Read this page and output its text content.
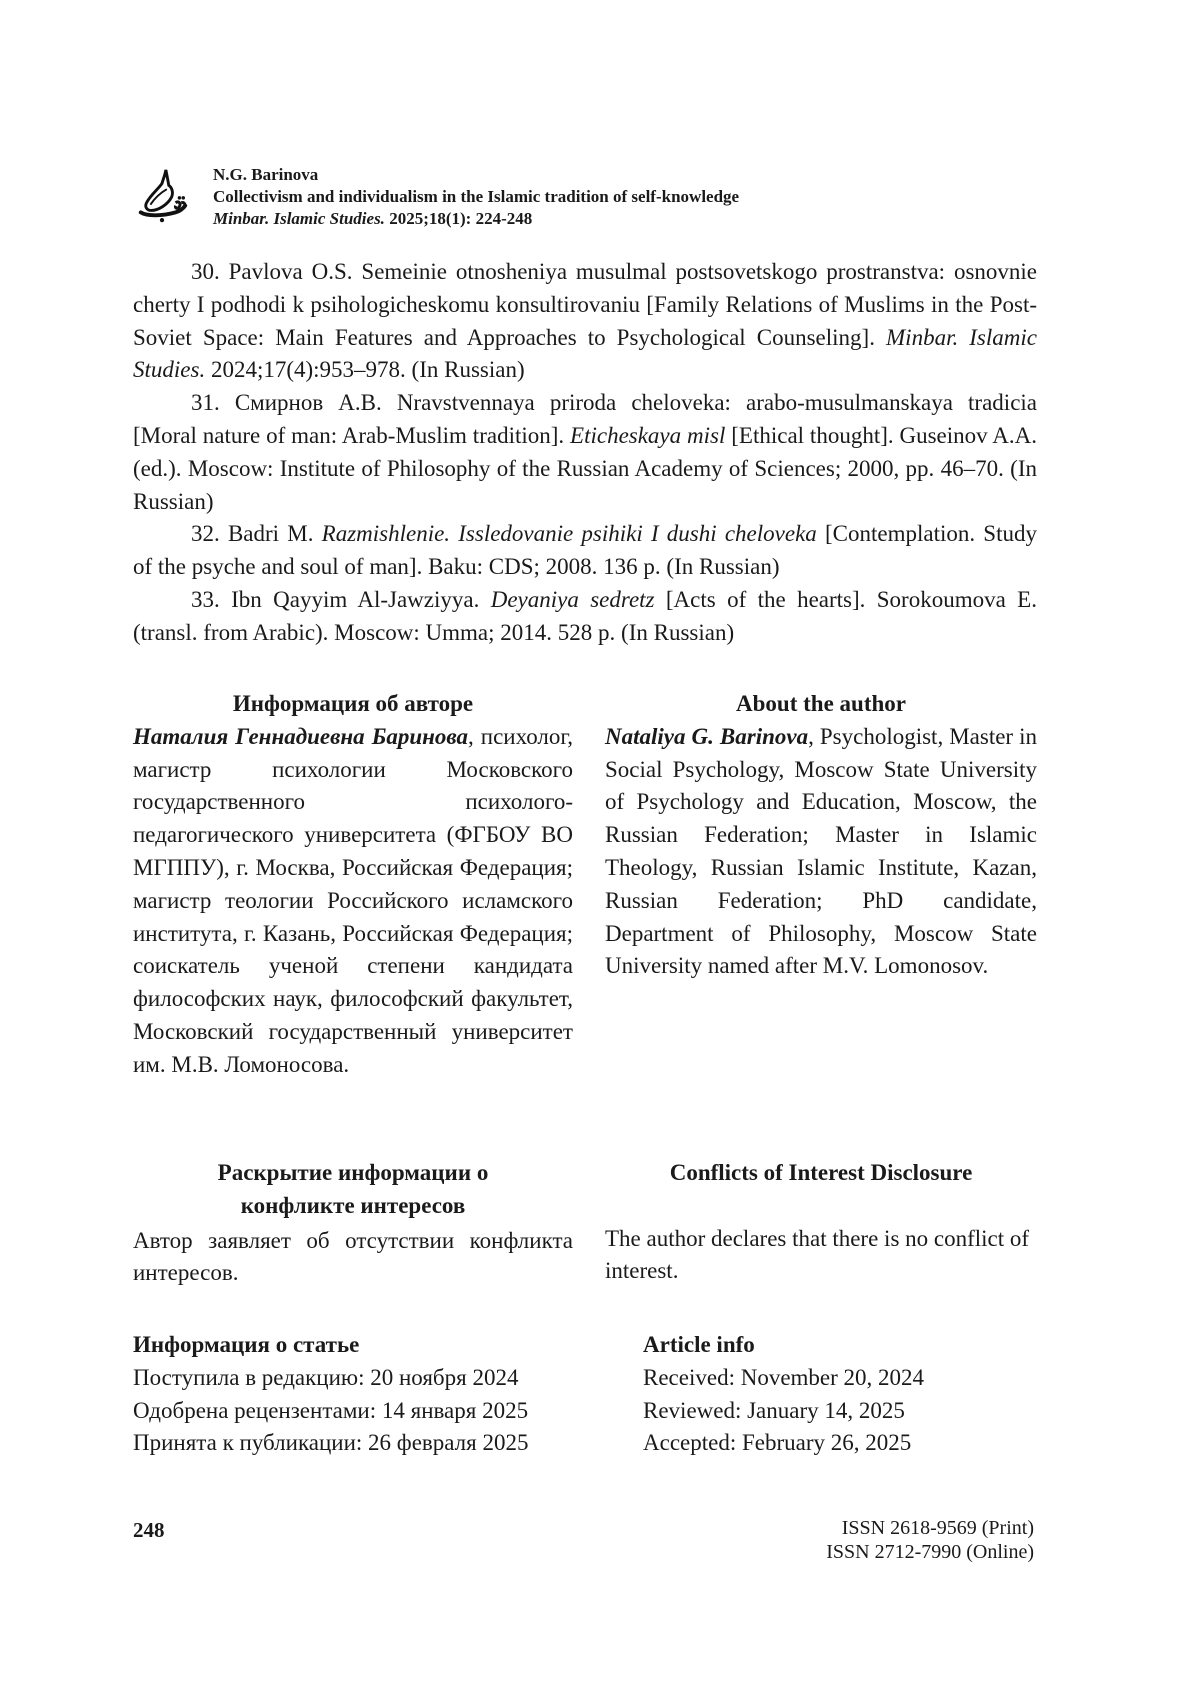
N.G. Barinova
Collectivism and individualism in the Islamic tradition of self-knowledge
Minbar. Islamic Studies. 2025;18(1): 224-248

30. Pavlova O.S. Semeinie otnosheniya musulmal postsovetskogo prostranstva: osnovnie cherty I podhodi k psihologicheskomu konsultirovaniu [Family Relations of Muslims in the Post-Soviet Space: Main Features and Approaches to Psychological Counseling]. Minbar. Islamic Studies. 2024;17(4):953–978. (In Russian)

31. Смирнов А.В. Nravstvennaya priroda cheloveka: arabo-musulmanskaya tradicia [Moral nature of man: Arab-Muslim tradition]. Eticheskaya misl [Ethical thought]. Guseinov A.A. (ed.). Moscow: Institute of Philosophy of the Russian Academy of Sciences; 2000, pp. 46–70. (In Russian)

32. Badri M. Razmishlenie. Issledovanie psihiki I dushi cheloveka [Contemplation. Study of the psyche and soul of man]. Baku: CDS; 2008. 136 p. (In Russian)

33. Ibn Qayyim Al-Jawziyya. Deyaniya sedretz [Acts of the hearts]. Sorokoumova E. (transl. from Arabic). Moscow: Umma; 2014. 528 p. (In Russian)

Информация об авторе

Наталия Геннадиевна Баринова, психолог, магистр психологии Московского государственного психолого-педагогического университета (ФГБОУ ВО МГППУ), г. Москва, Российская Федерация; магистр теологии Российского исламского института, г. Казань, Российская Федерация; соискатель ученой степени кандидата философских наук, философский факультет, Московский государственный университет им. М.В. Ломоносова.

About the author

Nataliya G. Barinova, Psychologist, Master in Social Psychology, Moscow State University of Psychology and Education, Moscow, the Russian Federation; Master in Islamic Theology, Russian Islamic Institute, Kazan, Russian Federation; PhD candidate, Department of Philosophy, Moscow State University named after M.V. Lomonosov.

Раскрытие информации о конфликте интересов

Автор заявляет об отсутствии конфликта интересов.

Conflicts of Interest Disclosure

The author declares that there is no conflict of interest.

Информация о статье

Поступила в редакцию: 20 ноября 2024

Одобрена рецензентами: 14 января 2025

Принята к публикации: 26 февраля 2025

Article info

Received: November 20, 2024

Reviewed: January 14, 2025

Accepted: February 26, 2025

248	ISSN 2618-9569 (Print)

ISSN 2712-7990 (Online)
